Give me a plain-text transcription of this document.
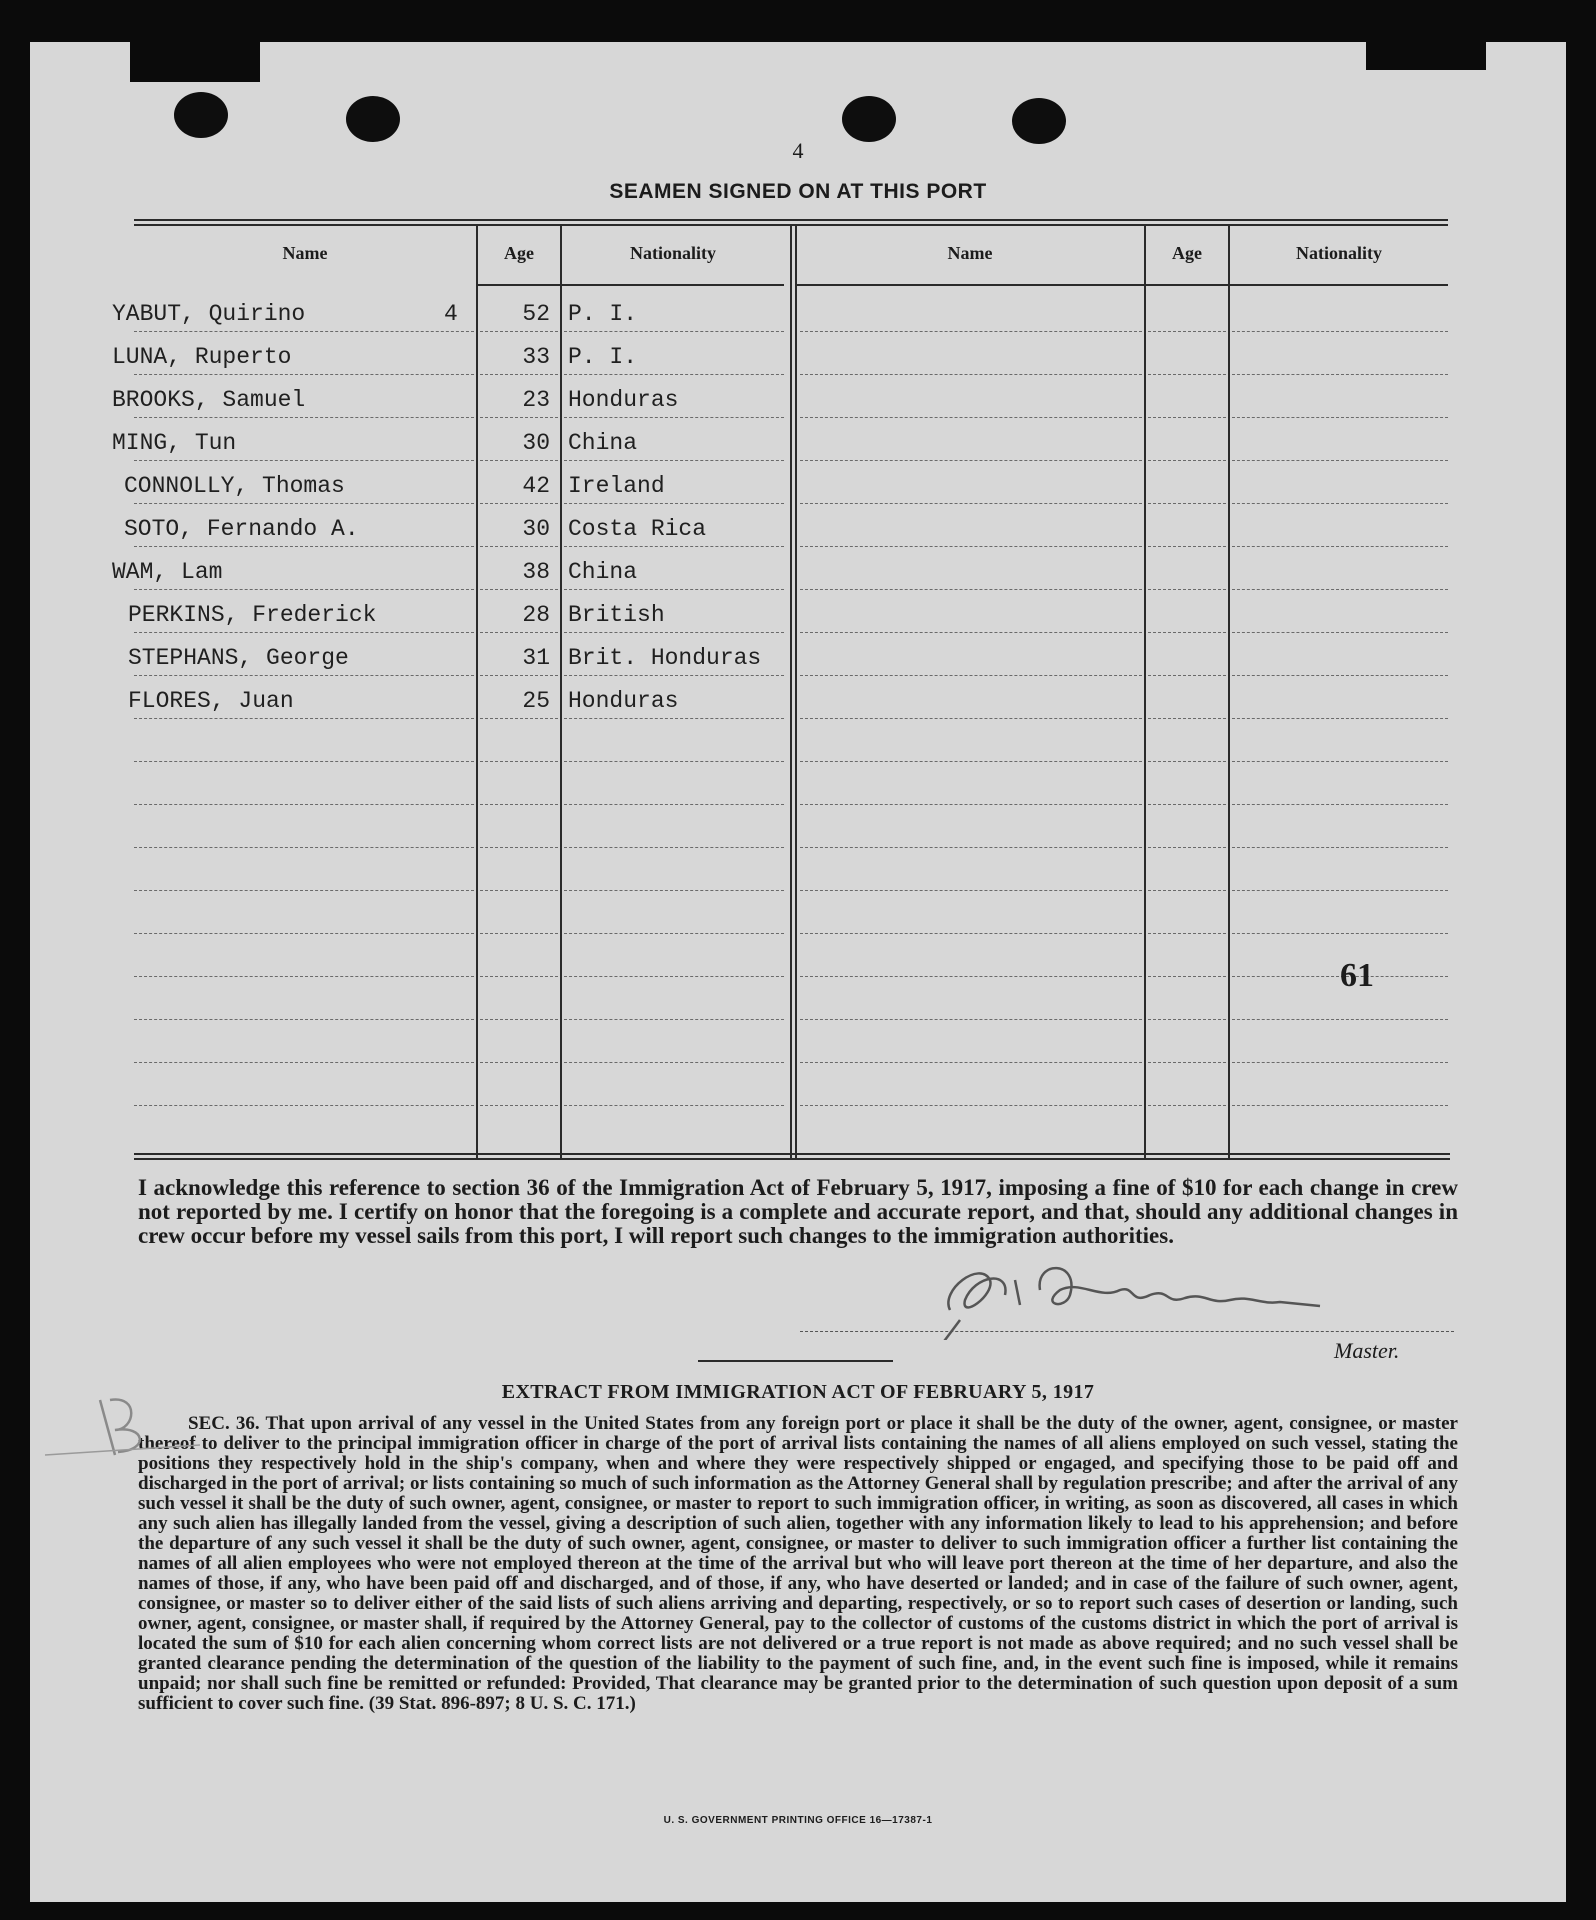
4
SEAMEN SIGNED ON AT THIS PORT
Name	Age	Nationality	Name	Age	Nationality
YABUT, Quirino	4	52 P. I.
LUNA, Ruperto	33 P. I.
BROOKS, Samuel	23 Honduras
MING, Tun	30 China
CONNOLLY, Thomas	42 Ireland
SOTO, Fernando A.	30 Costa Rica
WAM, Lam	38 China
PERKINS, Frederick	28 British
STEPHANS, George	31 Brit. Honduras
FLORES, Juan	25 Honduras
61
I acknowledge this reference to section 36 of the Immigration Act of February 5, 1917, imposing a fine of $10 for each change in crew not reported by me. I certify on honor that the foregoing is a complete and accurate report, and that, should any additional changes in crew occur before my vessel sails from this port, I will report such changes to the immigration authorities.
Master.
EXTRACT FROM IMMIGRATION ACT OF FEBRUARY 5, 1917
SEC. 36. That upon arrival of any vessel in the United States from any foreign port or place it shall be the duty of the owner, agent, consignee, or master thereof to deliver to the principal immigration officer in charge of the port of arrival lists containing the names of all aliens employed on such vessel, stating the positions they respectively hold in the ship's company, when and where they were respectively shipped or engaged, and specifying those to be paid off and discharged in the port of arrival; or lists containing so much of such information as the Attorney General shall by regulation prescribe; and after the arrival of any such vessel it shall be the duty of such owner, agent, consignee, or master to report to such immigration officer, in writing, as soon as discovered, all cases in which any such alien has illegally landed from the vessel, giving a description of such alien, together with any information likely to lead to his apprehension; and before the departure of any such vessel it shall be the duty of such owner, agent, consignee, or master to deliver to such immigration officer a further list containing the names of all alien employees who were not employed thereon at the time of the arrival but who will leave port thereon at the time of her departure, and also the names of those, if any, who have been paid off and discharged, and of those, if any, who have deserted or landed; and in case of the failure of such owner, agent, consignee, or master so to deliver either of the said lists of such aliens arriving and departing, respectively, or so to report such cases of desertion or landing, such owner, agent, consignee, or master shall, if required by the Attorney General, pay to the collector of customs of the customs district in which the port of arrival is located the sum of $10 for each alien concerning whom correct lists are not delivered or a true report is not made as above required; and no such vessel shall be granted clearance pending the determination of the question of the liability to the payment of such fine, and, in the event such fine is imposed, while it remains unpaid; nor shall such fine be remitted or refunded: Provided, That clearance may be granted prior to the determination of such question upon deposit of a sum sufficient to cover such fine. (39 Stat. 896-897; 8 U. S. C. 171.)
U. S. GOVERNMENT PRINTING OFFICE 16—17387-1
